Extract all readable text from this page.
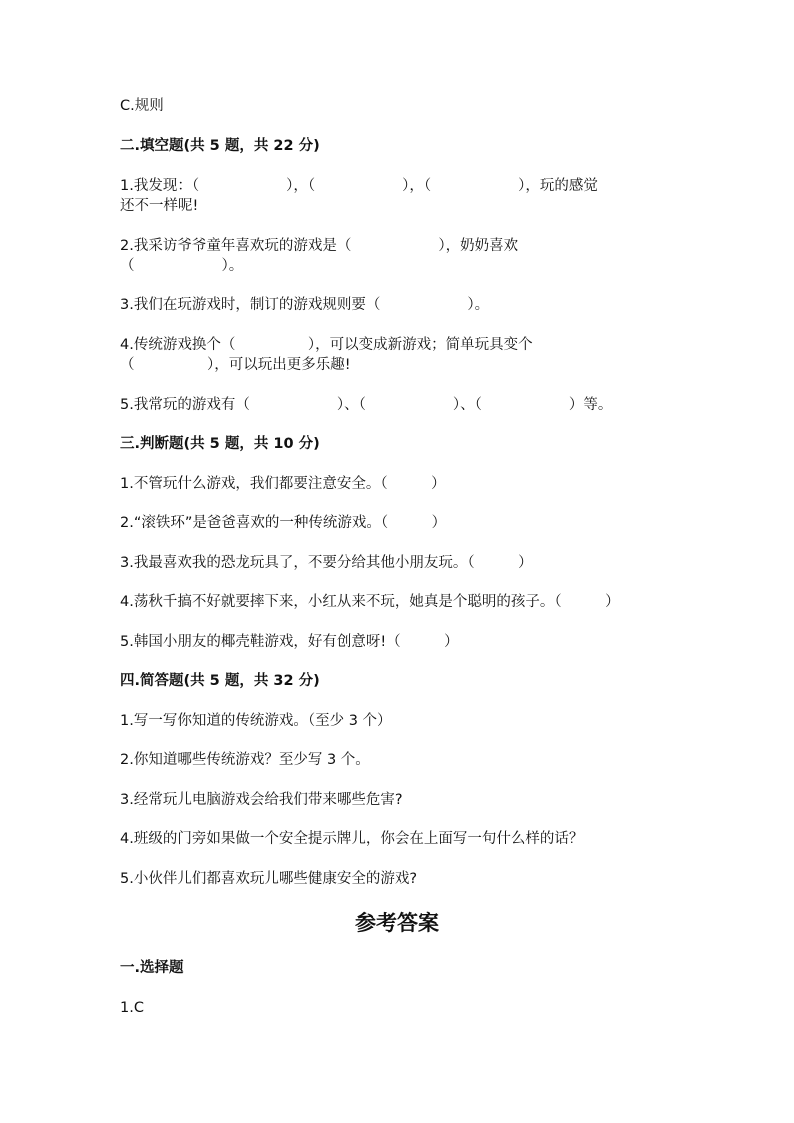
C.规则
二.填空题(共 5 题，共 22 分)
1.我发现：（　　　　　　），（　　　　　　），（　　　　　　），玩的感觉
还不一样呢!
2.我采访爷爷童年喜欢玩的游戏是（　　　　　　），奶奶喜欢
（　　　　　　）。
3.我们在玩游戏时，制订的游戏规则要（　　　　　　）。
4.传统游戏换个（　　　　　），可以变成新游戏；简单玩具变个
（　　　　　），可以玩出更多乐趣!
5.我常玩的游戏有（　　　　　　）、（　　　　　　）、（　　　　　　）等。
三.判断题(共 5 题，共 10 分)
1.不管玩什么游戏，我们都要注意安全。（　　　）
2.“滚铁环”是爸爸喜欢的一种传统游戏。（　　　）
3.我最喜欢我的恐龙玩具了，不要分给其他小朋友玩。（　　　）
4.荡秋千搞不好就要摔下来，小红从来不玩，她真是个聪明的孩子。（　　　）
5.韩国小朋友的椰壳鞋游戏，好有创意呀!（　　　）
四.简答题(共 5 题，共 32 分)
1.写一写你知道的传统游戏。（至少 3 个）
2.你知道哪些传统游戏？至少写 3 个。
3.经常玩儿电脑游戏会给我们带来哪些危害?
4.班级的门旁如果做一个安全提示牌儿，你会在上面写一句什么样的话？
5.小伙伴儿们都喜欢玩儿哪些健康安全的游戏?
参考答案
一.选择题
1.C
